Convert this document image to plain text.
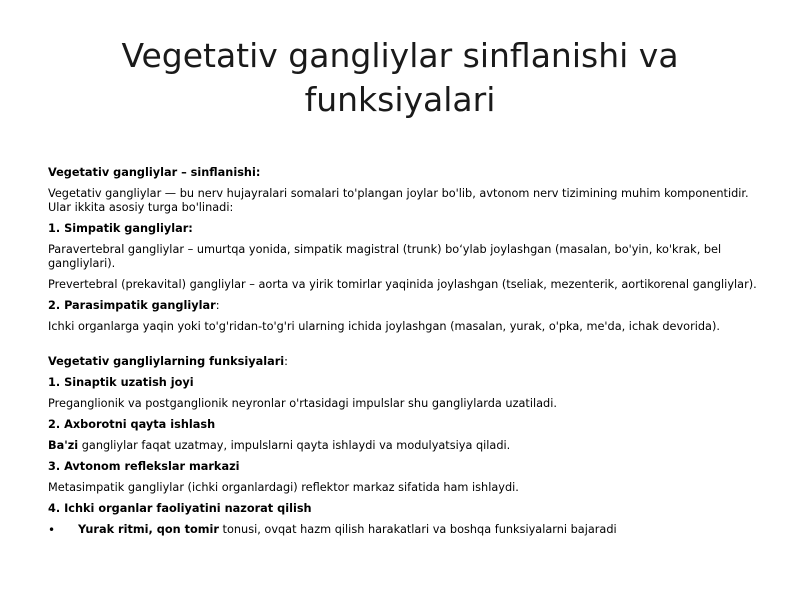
Vegetativ gangliylar sinflanishi va
funksiyalari

Vegetativ gangliylar – sinflanishi:

Vegetativ gangliylar — bu nerv hujayralari somalari to'plangan joylar bo'lib, avtonom nerv tizimining muhim komponentidir. Ular ikkita asosiy turga bo'linadi:

1. Simpatik gangliylar:

Paravertebral gangliylar – umurtqa yonida, simpatik magistral (trunk) bo‘ylab joylashgan (masalan, bo'yin, ko'krak, bel gangliylari).

Prevertebral (prekavital) gangliylar – aorta va yirik tomirlar yaqinida joylashgan (tseliak, mezenterik, aortikorenal gangliylar).

2. Parasimpatik gangliylar:

Ichki organlarga yaqin yoki to'g'ridan-to'g'ri ularning ichida joylashgan (masalan, yurak, o'pka, me'da, ichak devorida).

Vegetativ gangliylarning funksiyalari:

1. Sinaptik uzatish joyi

Preganglionik va postganglionik neyronlar o'rtasidagi impulslar shu gangliylarda uzatiladi.

2. Axborotni qayta ishlash

Ba'zi gangliylar faqat uzatmay, impulslarni qayta ishlaydi va modulyatsiya qiladi.

3. Avtonom reflekslar markazi

Metasimpatik gangliylar (ichki organlardagi) reflektor markaz sifatida ham ishlaydi.

4. Ichki organlar faoliyatini nazorat qilish

•	Yurak ritmi, qon tomir tonusi, ovqat hazm qilish harakatlari va boshqa funksiyalarni bajaradi
